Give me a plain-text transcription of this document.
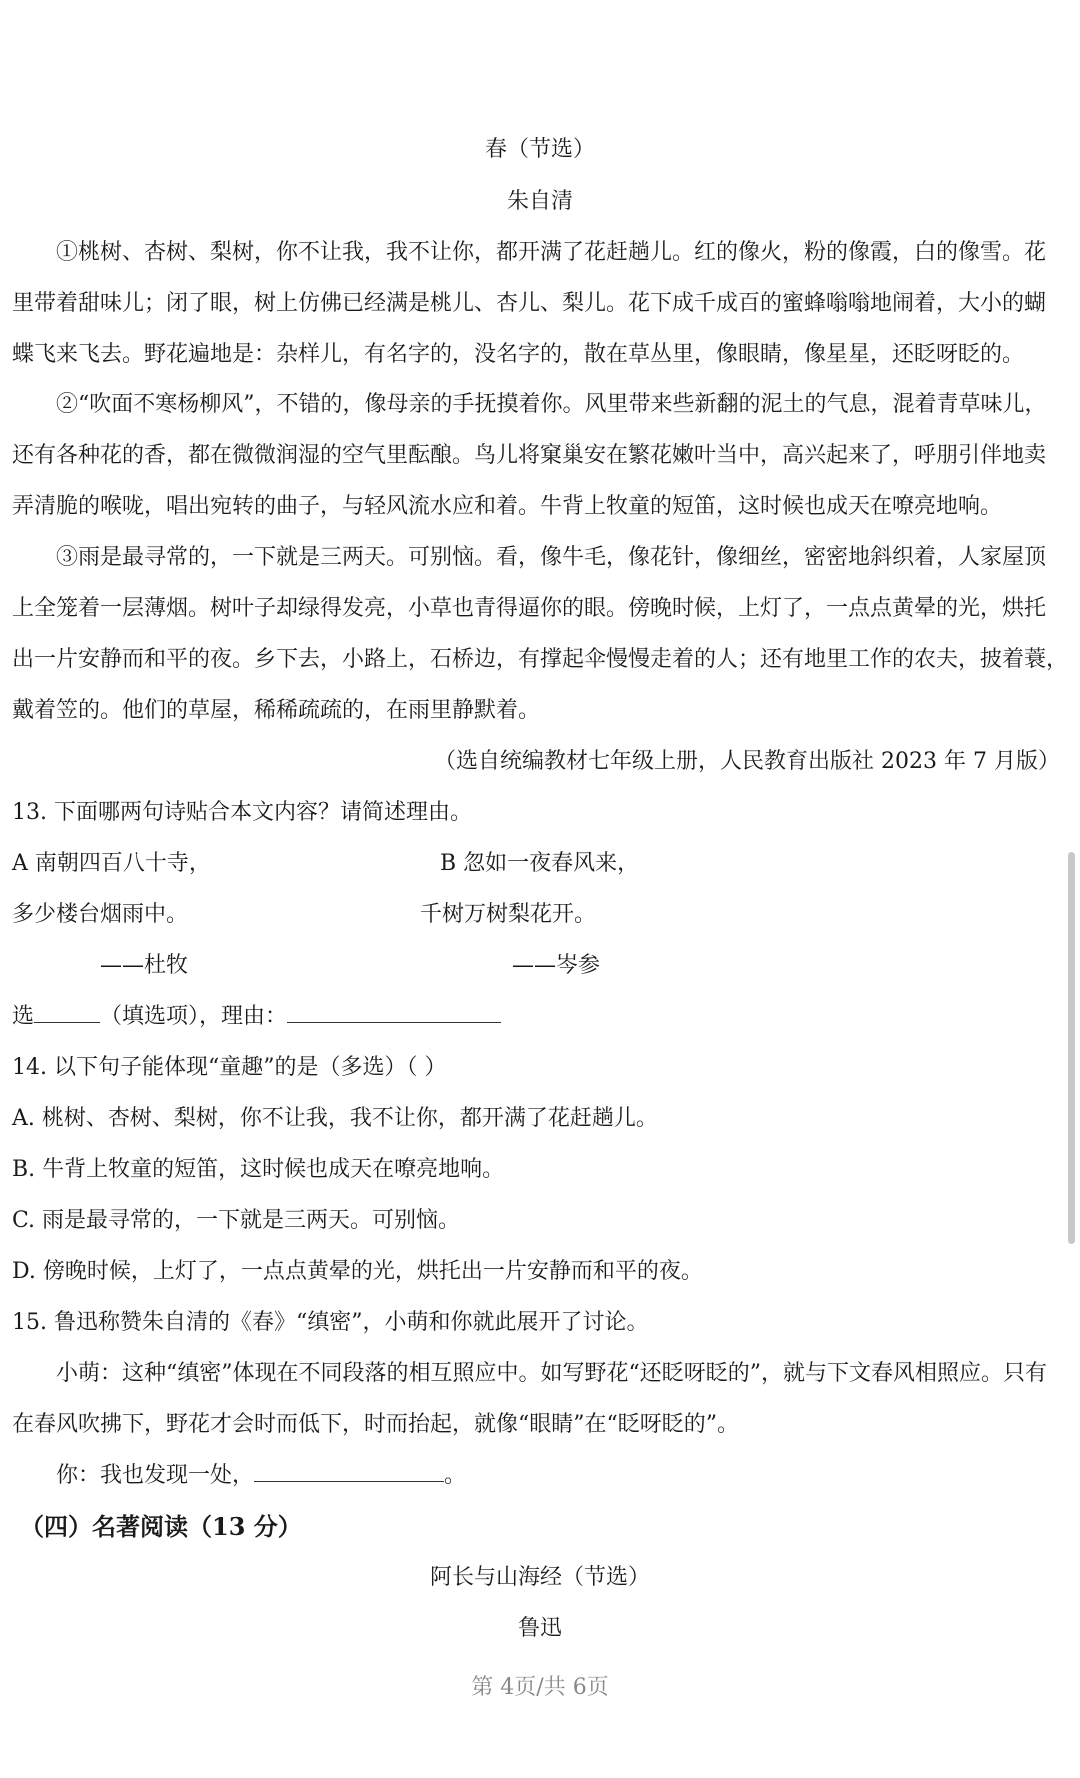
春（节选）
朱自清
①桃树、杏树、梨树，你不让我，我不让你，都开满了花赶趟儿。红的像火，粉的像霞，白的像雪。花
里带着甜味儿；闭了眼，树上仿佛已经满是桃儿、杏儿、梨儿。花下成千成百的蜜蜂嗡嗡地闹着，大小的蝴
蝶飞来飞去。野花遍地是：杂样儿，有名字的，没名字的，散在草丛里，像眼睛，像星星，还眨呀眨的。
②“吹面不寒杨柳风”，不错的，像母亲的手抚摸着你。风里带来些新翻的泥土的气息，混着青草味儿，
还有各种花的香，都在微微润湿的空气里酝酿。鸟儿将窠巢安在繁花嫩叶当中，高兴起来了，呼朋引伴地卖
弄清脆的喉咙，唱出宛转的曲子，与轻风流水应和着。牛背上牧童的短笛，这时候也成天在嘹亮地响。
③雨是最寻常的，一下就是三两天。可别恼。看，像牛毛，像花针，像细丝，密密地斜织着，人家屋顶
上全笼着一层薄烟。树叶子却绿得发亮，小草也青得逼你的眼。傍晚时候，上灯了，一点点黄晕的光，烘托
出一片安静而和平的夜。乡下去，小路上，石桥边，有撑起伞慢慢走着的人；还有地里工作的农夫，披着蓑，
戴着笠的。他们的草屋，稀稀疏疏的，在雨里静默着。
（选自统编教材七年级上册，人民教育出版社 2023 年 7 月版）
13. 下面哪两句诗贴合本文内容？请简述理由。
A 南朝四百八十寺，	B 忽如一夜春风来，
多少楼台烟雨中。	千树万树梨花开。
——杜牧	——岑参
选	（填选项），理由：
14. 以下句子能体现“童趣”的是（多选）（ ）
A. 桃树、杏树、梨树，你不让我，我不让你，都开满了花赶趟儿。
B. 牛背上牧童的短笛，这时候也成天在嘹亮地响。
C. 雨是最寻常的，一下就是三两天。可别恼。
D. 傍晚时候，上灯了，一点点黄晕的光，烘托出一片安静而和平的夜。
15. 鲁迅称赞朱自清的《春》“缜密”，小萌和你就此展开了讨论。
小萌：这种“缜密”体现在不同段落的相互照应中。如写野花“还眨呀眨的”，就与下文春风相照应。只有
在春风吹拂下，野花才会时而低下，时而抬起，就像“眼睛”在“眨呀眨的”。
你：我也发现一处，	。
（四）名著阅读（13 分）
阿长与山海经（节选）
鲁迅
第 4页/共 6页
